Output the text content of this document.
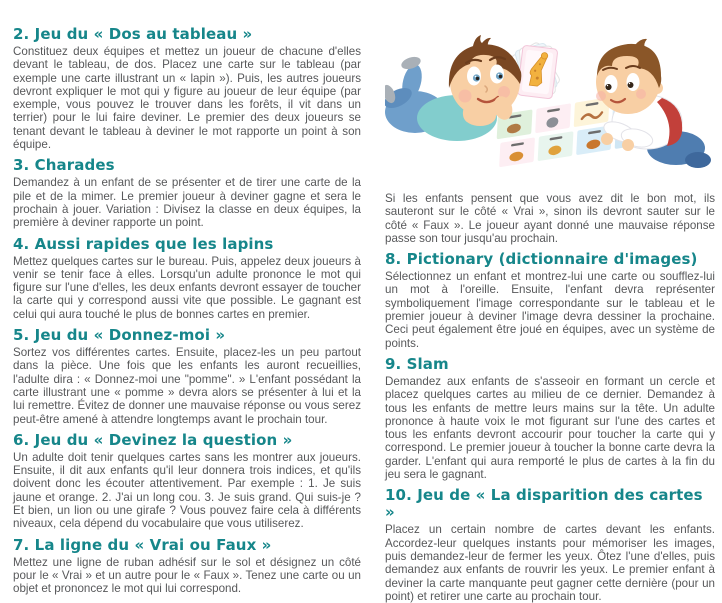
2. Jeu du « Dos au tableau »

Constituez deux équipes et mettez un joueur de chacune d'elles devant le tableau, de dos. Placez une carte sur le tableau (par exemple une carte illustrant un « lapin »). Puis, les autres joueurs devront expliquer le mot qui y figure au joueur de leur équipe (par exemple, vous pouvez le trouver dans les forêts, il vit dans un terrier) pour le lui faire deviner. Le premier des deux joueurs se tenant devant le tableau à deviner le mot rapporte un point à son équipe.

3. Charades

Demandez à un enfant de se présenter et de tirer une carte de la pile et de la mimer. Le premier joueur à deviner gagne et sera le prochain à jouer. Variation : Divisez la classe en deux équipes, la première à deviner rapporte un point.

4. Aussi rapides que les lapins

Mettez quelques cartes sur le bureau. Puis, appelez deux joueurs à venir se tenir face à elles. Lorsqu'un adulte prononce le mot qui figure sur l'une d'elles, les deux enfants devront essayer de toucher la carte qui y correspond aussi vite que possible. Le gagnant est celui qui aura touché le plus de bonnes cartes en premier.

5. Jeu du « Donnez-moi »

Sortez vos différentes cartes. Ensuite, placez-les un peu partout dans la pièce. Une fois que les enfants les auront recueillies, l'adulte dira : « Donnez-moi une "pomme". » L'enfant possédant la carte illustrant une « pomme » devra alors se présenter à lui et la lui remettre. Évitez de donner une mauvaise réponse ou vous serez peut-être amené à attendre longtemps avant le prochain tour.

6. Jeu du « Devinez la question »

Un adulte doit tenir quelques cartes sans les montrer aux joueurs. Ensuite, il dit aux enfants qu'il leur donnera trois indices, et qu'ils doivent donc les écouter attentivement. Par exemple : 1. Je suis jaune et orange. 2. J'ai un long cou. 3. Je suis grand. Qui suis-je ? Et bien, un lion ou une girafe ? Vous pouvez faire cela à différents niveaux, cela dépend du vocabulaire que vous utiliserez.

7. La ligne du « Vrai ou Faux »

Mettez une ligne de ruban adhésif sur le sol et désignez un côté pour le « Vrai » et un autre pour le « Faux ». Tenez une carte ou un objet et prononcez le mot qui lui correspond.

Si les enfants pensent que vous avez dit le bon mot, ils sauteront sur le côté « Vrai », sinon ils devront sauter sur le côté « Faux ». Le joueur ayant donné une mauvaise réponse passe son tour jusqu'au prochain.

8. Pictionary (dictionnaire d'images)

Sélectionnez un enfant et montrez-lui une carte ou soufflez-lui un mot à l'oreille. Ensuite, l'enfant devra représenter symboliquement l'image correspondante sur le tableau et le premier joueur à deviner l'image devra dessiner la prochaine. Ceci peut également être joué en équipes, avec un système de points.

9. Slam

Demandez aux enfants de s'asseoir en formant un cercle et placez quelques cartes au milieu de ce dernier. Demandez à tous les enfants de mettre leurs mains sur la tête. Un adulte prononce à haute voix le mot figurant sur l'une des cartes et tous les enfants devront accourir pour toucher la carte qui y correspond. Le premier joueur à toucher la bonne carte devra la garder. L'enfant qui aura remporté le plus de cartes à la fin du jeu sera le gagnant.

10. Jeu de « La disparition des cartes »

Placez un certain nombre de cartes devant les enfants. Accordez-leur quelques instants pour mémoriser les images, puis demandez-leur de fermer les yeux. Ôtez l'une d'elles, puis demandez aux enfants de rouvrir les yeux. Le premier enfant à deviner la carte manquante peut gagner cette dernière (pour un point) et retirer une carte au prochain tour.
